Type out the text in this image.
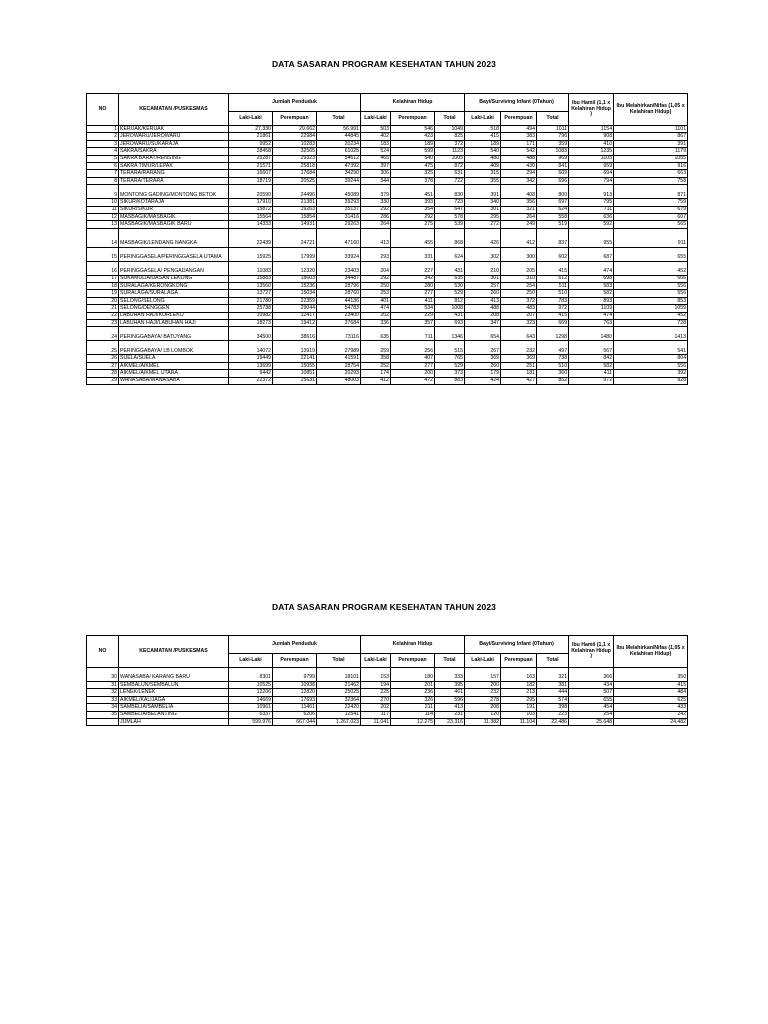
DATA SASARAN PROGRAM KESEHATAN TAHUN 2023
NO	KECAMATAN /PUSKESMAS	Jumlah Penduduk			Kelahiran Hidup			Bayi/Surviving Infant (0Tahun)			Ibu Hamil (1,1 x Kelahiran Hidup )	Ibu Melahirkan/Nifas (1,05 x Kelahiran Hidup)
		Laki-Laki	Perempuan	Total	Laki-Laki	Perempuan	Total	Laki-Laki	Perempuan	Total		
1	KERUAK/KERUAK	27.330	29.662	56.991	503	546	1049	518	494	1011	1154	1101
2	JEROWARU/JEROWARU	21861	22984	44845	402	423	825	415	383	796	908	867
3	JEROWARU/SUKARAJA	9952	10283	20234	183	189	372	189	171	359	410	391
4	SAKRA/SAKRA	28458	32565	61025	524	599	1123	540	542	1083	1235	1179
5	SAKRA BARAT/RENSING	25287	29323	54612	465	540	1005	480	488	969	1105	1055
6	SAKRA TIMUR/LEPAK	21571	25818	47392	397	475	872	409	430	841	959	916
7	TERARA/RARANG	16607	17684	34290	306	325	631	315	294	609	694	663
8	TERARA/TERARA	18719	20525	39244	344	378	722	355	342	696	794	758
9	MONTONG GADING/MONTONG BETOK	20590	24496	45089	379	451	830	391	408	800	913	871
10	SIKUR/KOTARAJA	17910	21381	39293	330	393	723	340	356	697	795	759
11	SIKUR/SIKUR	15872	19263	35137	292	354	647	301	321	624	711	679
12	MASBAGIK/MASBAGIK	15564	15854	31416	286	292	578	295	264	558	636	607
13	MASBAGIK/MASBAGIK BARU	14333	14931	29263	264	275	539	272	249	519	592	565
14	MASBAGIK/LENDANG NANGKA	22439	24721	47160	413	455	868	426	412	837	955	911
15	PERINGGASELA/PERINGGASELA UTAMA	15925	17999	33924	293	331	624	302	300	602	687	655
16	PERINGGASELA/ PENGADANGAN	11083	12320	23403	204	227	431	210	205	415	474	452
17	SUKAMULIA/DASAN LEKONG	15883	18603	34487	292	342	635	301	310	612	698	666
18	SURALAGA/KERONGKONG	13560	15236	28796	250	280	530	257	254	511	583	556
19	SURALAGA/SURALAGA	13727	15034	28760	253	277	529	260	250	510	582	556
20	SELONG/SELONG	21780	22359	44136	401	411	812	413	372	783	893	853
21	SELONG/DENGGEN	25738	29044	54783	474	534	1008	488	483	972	1109	1059
22	LABUHAN HAJI/KORLEKO	10982	12417	23400	202	229	431	208	207	415	474	452
23	LABUHAN HAJI/LABUHAN HAJI	18273	19412	37684	336	357	693	347	323	669	763	728
24	PERINGGABAYA/ BATUYANG	34500	38616	73116	635	711	1346	654	643	1298	1480	1413
25	PERINGGABAYA/ LB LOMBOK	14072	13919	27989	259	256	515	267	232	497	567	541
26	SUELA/SUELA	19449	22141	41591	358	407	765	369	369	738	842	804
27	AIKMEL/AIKMEL	13699	15055	28754	252	277	529	260	251	510	582	556
28	AIKMEL/AIKMEL UTARA	9442	10851	20293	174	200	373	179	181	360	411	392
29	WANASABA/WANASABA	22372	25631	48003	412	472	883	424	427	852	972	928
DATA SASARAN PROGRAM KESEHATAN TAHUN 2023
NO	KECAMATAN /PUSKESMAS	Jumlah Penduduk			Kelahiran Hidup			Bayi/Surviving Infant (0Tahun)			Ibu Hamil (1,1 x Kelahiran Hidup )	Ibu Melahirkan/Nifas (1,05 x Kelahiran Hidup)
		Laki-Laki	Perempuan	Total	Laki-Laki	Perempuan	Total	Laki-Laki	Perempuan	Total		
30	WANASABA/ KARANG BARU	8301	9799	18101	153	180	333	157	163	321	366	350
31	SEMBALUN/SEMBALUN	10525	10938	21462	194	201	395	200	182	381	434	415
32	LENEK/LENEK	12206	12820	25025	225	236	461	232	213	444	507	484
33	AIKMEL/KALIJAGA	14669	17693	32364	270	326	596	278	295	574	655	625
34	SAMBELIA/SAMBELIA	10961	11461	22420	202	211	413	208	191	398	454	433
35	SAMBELIA/BELANTING	6337	6206	12541	117	114	231	120	103	223	254	242
	JUMLAH	599.976	667.044	1.267.023	11.041	12.275	23.316	11.382	11.104	22.486	25.648	24.482
